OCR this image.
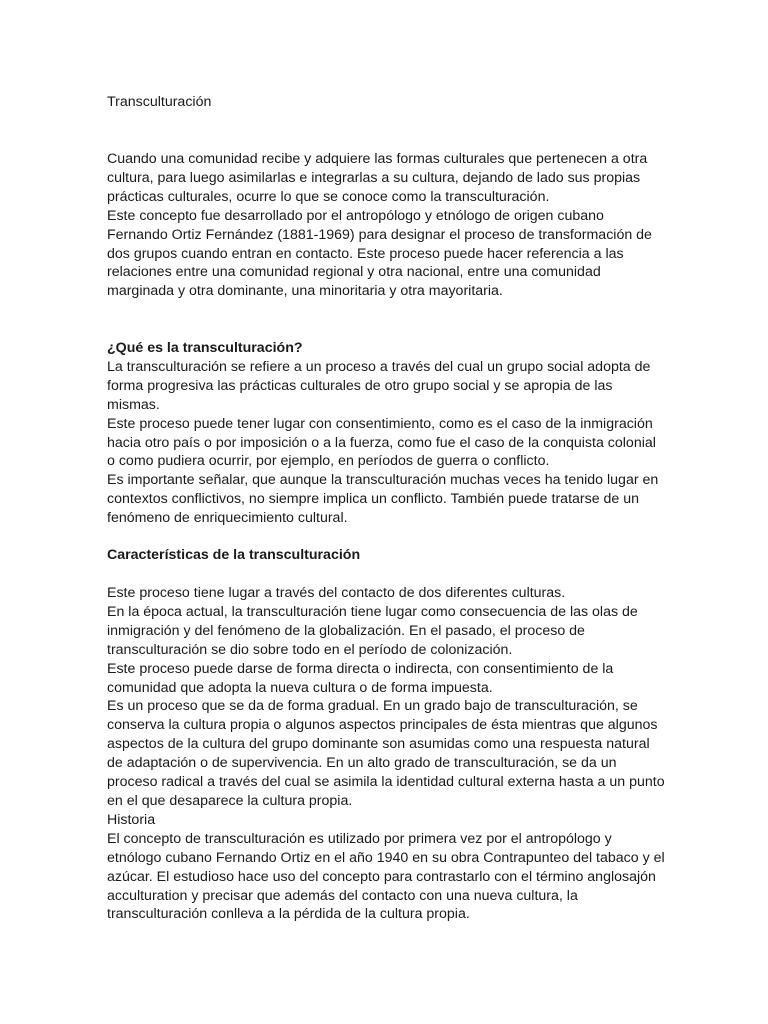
Transculturación

Cuando una comunidad recibe y adquiere las formas culturales que pertenecen a otra cultura, para luego asimilarlas e integrarlas a su cultura, dejando de lado sus propias prácticas culturales, ocurre lo que se conoce como la transculturación.

Este concepto fue desarrollado por el antropólogo y etnólogo de origen cubano Fernando Ortiz Fernández (1881-1969) para designar el proceso de transformación de dos grupos cuando entran en contacto. Este proceso puede hacer referencia a las relaciones entre una comunidad regional y otra nacional, entre una comunidad marginada y otra dominante, una minoritaria y otra mayoritaria.

¿Qué es la transculturación?

La transculturación se refiere a un proceso a través del cual un grupo social adopta de forma progresiva las prácticas culturales de otro grupo social y se apropia de las mismas.

Este proceso puede tener lugar con consentimiento, como es el caso de la inmigración hacia otro país o por imposición o a la fuerza, como fue el caso de la conquista colonial o como pudiera ocurrir, por ejemplo, en períodos de guerra o conflicto.

Es importante señalar, que aunque la transculturación muchas veces ha tenido lugar en contextos conflictivos, no siempre implica un conflicto. También puede tratarse de un fenómeno de enriquecimiento cultural.

Características de la transculturación

Este proceso tiene lugar a través del contacto de dos diferentes culturas.

En la época actual, la transculturación tiene lugar como consecuencia de las olas de inmigración y del fenómeno de la globalización. En el pasado, el proceso de transculturación se dio sobre todo en el período de colonización.

Este proceso puede darse de forma directa o indirecta, con consentimiento de la comunidad que adopta la nueva cultura o de forma impuesta.

Es un proceso que se da de forma gradual. En un grado bajo de transculturación, se conserva la cultura propia o algunos aspectos principales de ésta mientras que algunos aspectos de la cultura del grupo dominante son asumidas como una respuesta natural de adaptación o de supervivencia. En un alto grado de transculturación, se da un proceso radical a través del cual se asimila la identidad cultural externa hasta a un punto en el que desaparece la cultura propia.

Historia

El concepto de transculturación es utilizado por primera vez por el antropólogo y etnólogo cubano Fernando Ortiz en el año 1940 en su obra Contrapunteo del tabaco y el azúcar. El estudioso hace uso del concepto para contrastarlo con el término anglosajón acculturation y precisar que además del contacto con una nueva cultura, la transculturación conlleva a la pérdida de la cultura propia.
